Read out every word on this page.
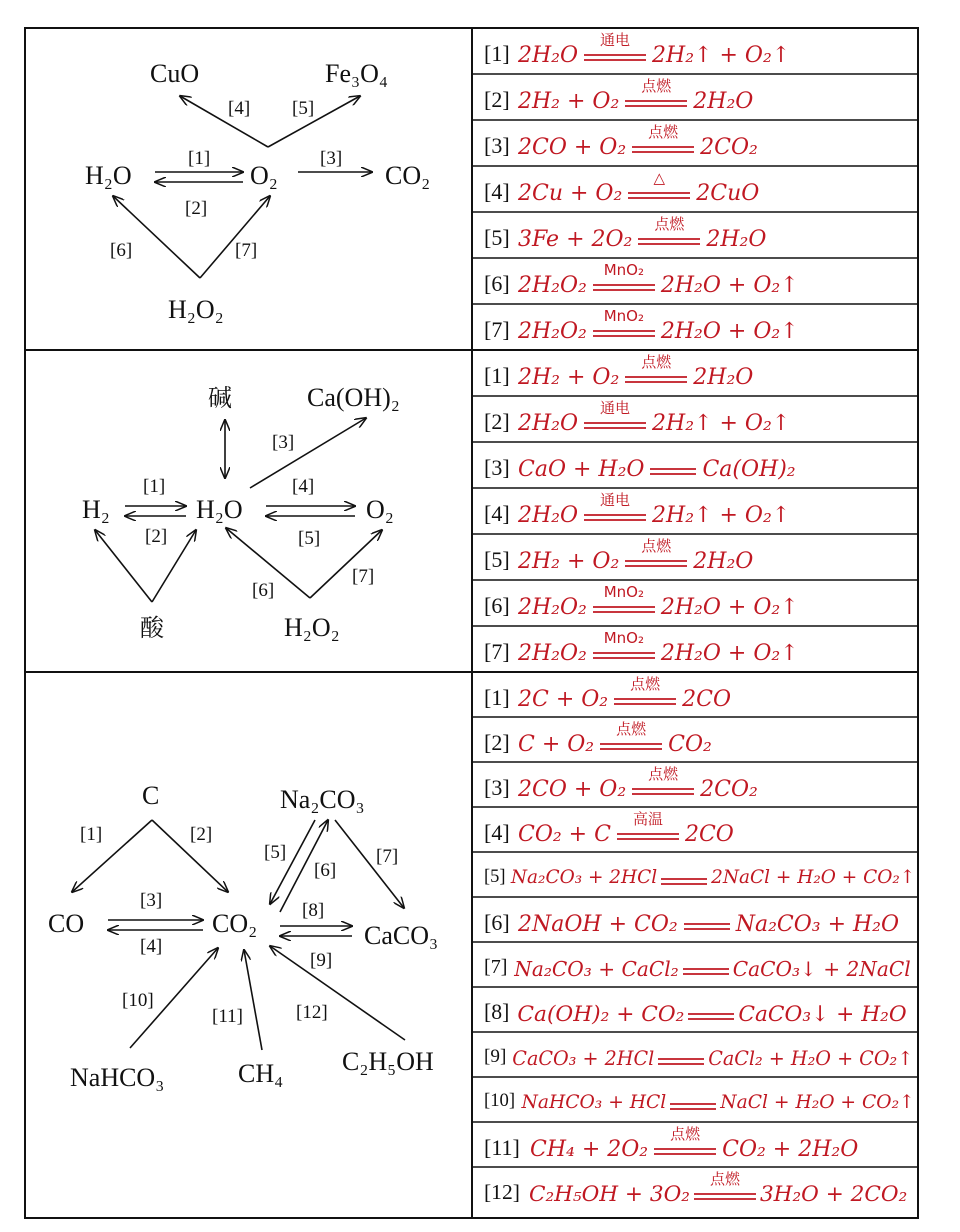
CuO	Fe₃O₄
H₂O	O₂	CO₂
H₂O₂
[1]
[2]
[3]
[4] [5]
[6]	[7]
碱	Ca(OH)₂
H₂	H₂O	O₂
酸	H₂O₂
[1]
[2]
[3]
[4]
[5]
[6]
[7]
C	Na₂CO₃
CO	CO₂	CaCO₃
NaHCO₃	CH₄ C₂H₅OH
[1]	[2]
[3]
[4]
[5]
[6]
[7]
[8]
[9]
[10]
[11]	[12]
[1] 2H₂O
通电
2H₂↑ + O₂↑
[2] 2H₂ + O₂
点燃
2H₂O
[3] 2CO + O₂
点燃
2CO₂
[4] 2Cu + O₂
△
2CuO
[5] 3Fe + 2O₂
点燃
2H₂O
[6] 2H₂O₂
MnO₂
2H₂O + O₂↑
[7] 2H₂O₂
MnO₂
2H₂O + O₂↑
[1] 2H₂ + O₂
点燃
2H₂O
[2] 2H₂O
通电
2H₂↑ + O₂↑
[3] CaO + H₂O	Ca(OH)₂
[4] 2H₂O
通电
2H₂↑ + O₂↑
[5] 2H₂ + O₂
点燃
2H₂O
[6] 2H₂O₂
MnO₂
2H₂O + O₂↑
[7] 2H₂O₂
MnO₂
2H₂O + O₂↑
[1] 2C + O₂
点燃
2CO
[2] C + O₂
点燃
CO₂
[3] 2CO + O₂
点燃
2CO₂
[4] CO₂ + C
高温
2CO
[5] Na₂CO₃ + 2HCl	2NaCl + H₂O + CO₂↑
[6] 2NaOH + CO₂	Na₂CO₃ + H₂O
[7] Na₂CO₃ + CaCl₂	CaCO₃↓ + 2NaCl
[8] Ca(OH)₂ + CO₂ CaCO₃↓ + H₂O
[9] CaCO₃ + 2HCl	CaCl₂ + H₂O + CO₂↑
[10] NaHCO₃ + HCl	NaCl + H₂O + CO₂↑
[11] CH₄ + 2O₂
点燃
CO₂ + 2H₂O
[12] C₂H₅OH + 3O₂
点燃
3H₂O + 2CO₂
